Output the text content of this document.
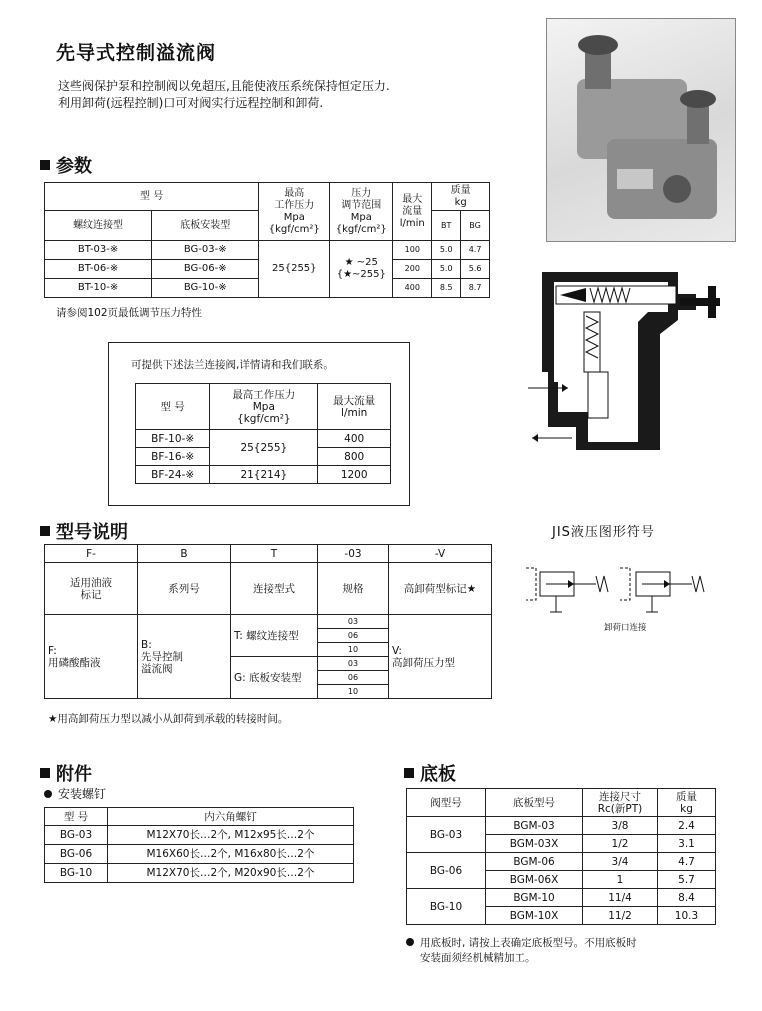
先导式控制溢流阀
这些阀保护泵和控制阀以免超压,且能使液压系统保持恒定压力.
利用卸荷(远程控制)口可对阀实行远程控制和卸荷.
参数
型 号		最高
工作压力
Mpa
{kgf/cm²}	压力
调节范围
Mpa
{kgf/cm²}	最大
流量
l/min	质量
kg	
螺纹连接型	底板安装型				BT	BG
BT-03-※	BG-03-※	25{255}	★ ~25
{★~255}	100	5.0	4.7
BT-06-※	BG-06-※			200	5.0	5.6
BT-10-※	BG-10-※			400	8.5	8.7
请参阅102页最低调节压力特性
可提供下述法兰连接阀,详情请和我们联系。
型 号	最高工作压力
Mpa
{kgf/cm²}	最大流量
l/min
BF-10-※	25{255}	400
BF-16-※		800
BF-24-※	21{214}	1200
型号说明
F-	B	T	-03	-V
适用油液
标记	系列号	连接型式	规格	高卸荷型标记★
F:
用磷酸酯液	B:
先导控制
溢流阀	T: 螺纹连接型	03	V:
高卸荷压力型
			06	
			10	
		G: 底板安装型	03	
			06	
			10	
★用高卸荷压力型以减小从卸荷到承载的转接时间。
JIS液压图形符号
卸荷口连接
附件
安装螺钉
型 号	内六角螺钉
BG-03	M12X70长…2个, M12x95长…2个
BG-06	M16X60长…2个, M16x80长…2个
BG-10	M12X70长…2个, M20x90长…2个
底板
阀型号	底板型号	连接尺寸
Rc(新PT)	质量
kg
BG-03	BGM-03	3/8	2.4
	BGM-03X	1/2	3.1
BG-06	BGM-06	3/4	4.7
	BGM-06X	1	5.7
BG-10	BGM-10	11/4	8.4
	BGM-10X	11/2	10.3
用底板时, 请按上表确定底板型号。不用底板时
安装面须经机械精加工。
